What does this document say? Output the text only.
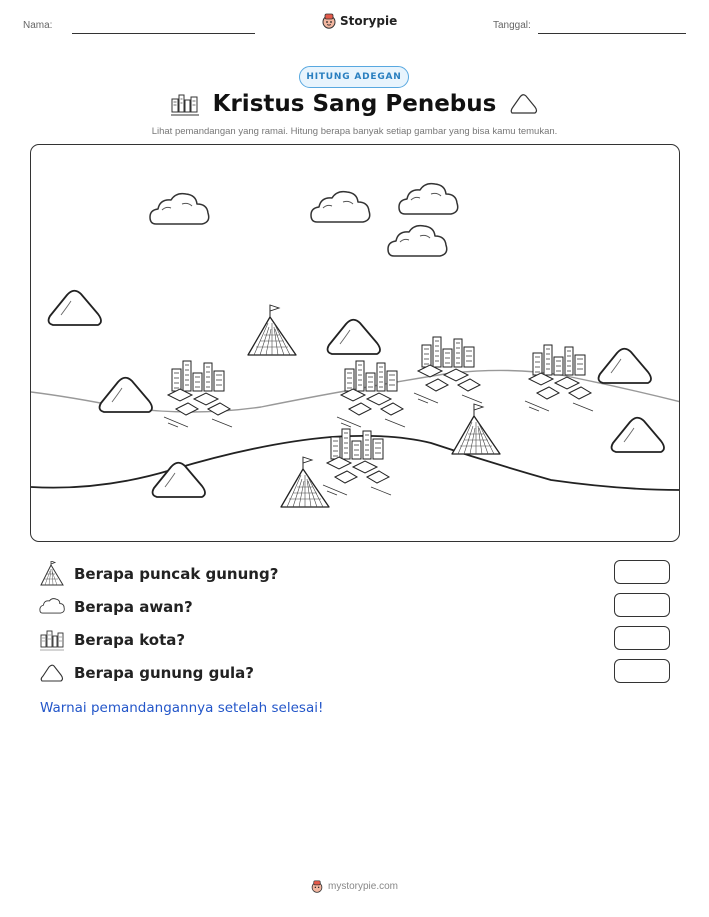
Nama:	Storypie	Tanggal:
HITUNG ADEGAN
Kristus Sang Penebus
Lihat pemandangan yang ramai. Hitung berapa banyak setiap gambar yang bisa kamu temukan.
Berapa puncak gunung?
Berapa awan?
Berapa kota?
Berapa gunung gula?
Warnai pemandangannya setelah selesai!
mystorypie.com
